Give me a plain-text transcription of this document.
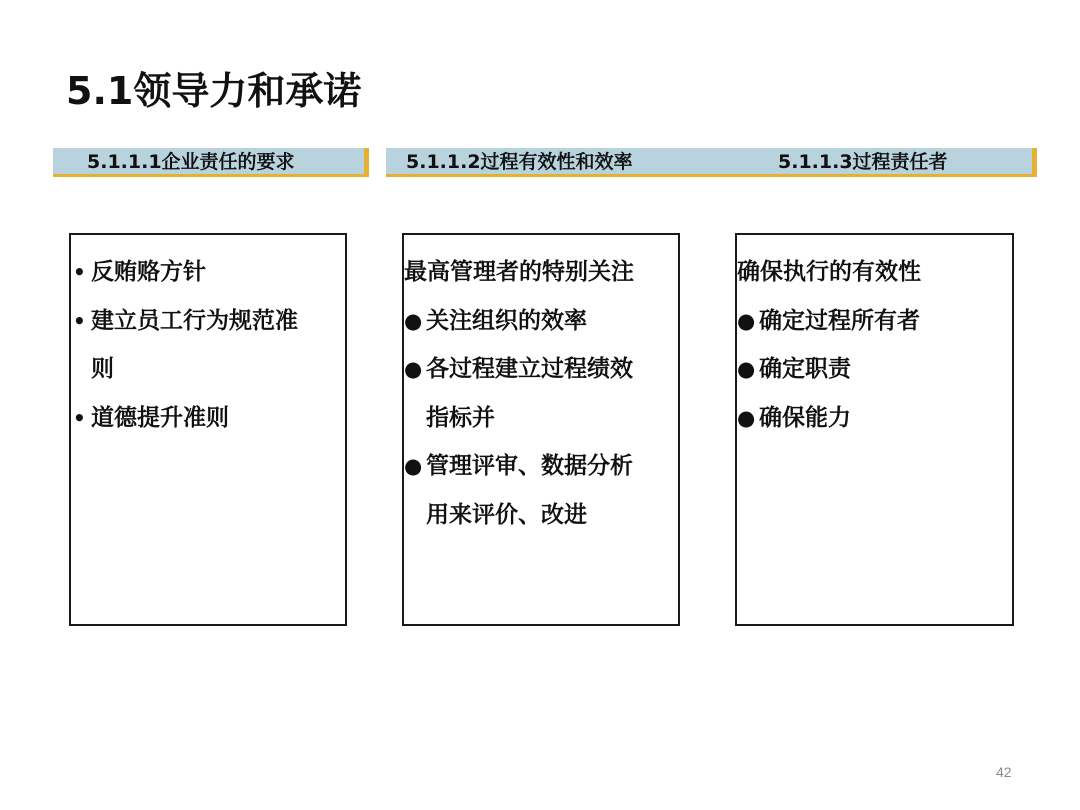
5.1领导力和承诺
5.1.1.1企业责任的要求	5.1.1.2过程有效性和效率	5.1.1.3过程责任者
• 反贿赂方针
• 建立员工行为规范准
则
• 道德提升准则
最高管理者的特别关注
● 关注组织的效率
● 各过程建立过程绩效
指标并
● 管理评审、数据分析
用来评价、改进
确保执行的有效性
● 确定过程所有者
● 确定职责
● 确保能力
42
